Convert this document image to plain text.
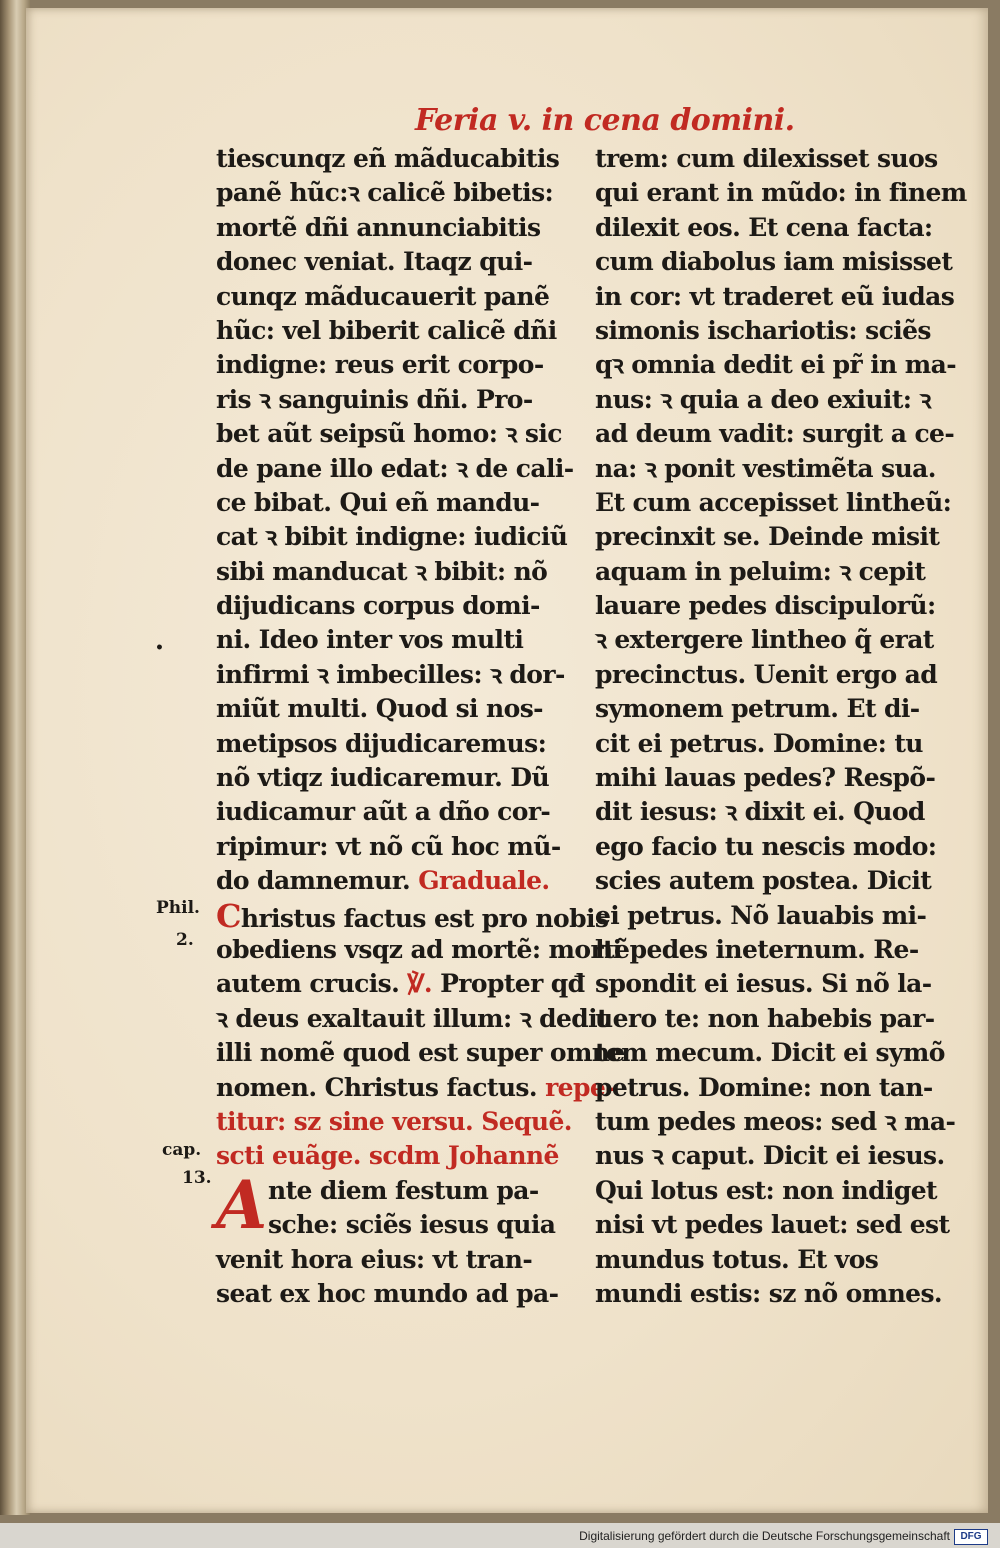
Feria v. in cena domini.
tiescunqz eñ mãducabitis
panẽ hũc:ꝛ calicẽ bibetis:
mortẽ dñi annunciabitis
donec veniat. Itaqz qui-
cunqz mãducauerit panẽ
hũc: vel biberit calicẽ dñi
indigne: reus erit corpo-
ris ꝛ sanguinis dñi. Pro-
bet aũt seipsũ homo: ꝛ sic
de pane illo edat: ꝛ de cali-
ce bibat. Qui eñ mandu-
cat ꝛ bibit indigne: iudiciũ
sibi manducat ꝛ bibit: nõ
dijudicans corpus domi-
ni. Ideo inter vos multi
infirmi ꝛ imbecilles: ꝛ dor-
miũt multi. Quod si nos-
metipsos dijudicaremus:
nõ vtiqz iudicaremur. Dũ
iudicamur aũt a dño cor-
ripimur: vt nõ cũ hoc mũ-
do damnemur. Graduale.
Christus factus est pro nobis
obediens vsqz ad mortẽ: mortẽ
autem crucis. ℣. Propter qđ
ꝛ deus exaltauit illum: ꝛ dedit
illi nomẽ quod est super omne
nomen. Christus factus. repe-
titur: sz sine versu. Sequẽ.
scti euãge. scdm Johannẽ
A nte diem festum pa-
sche: sciẽs iesus quia
venit hora eius: vt tran-
seat ex hoc mundo ad pa-
trem: cum dilexisset suos
qui erant in mũdo: in finem
dilexit eos. Et cena facta:
cum diabolus iam misisset
in cor: vt traderet eũ iudas
simonis ischariotis: sciẽs
qꝛ omnia dedit ei pr̃ in ma-
nus: ꝛ quia a deo exiuit: ꝛ
ad deum vadit: surgit a ce-
na: ꝛ ponit vestimẽta sua.
Et cum accepisset lintheũ:
precinxit se. Deinde misit
aquam in peluim: ꝛ cepit
lauare pedes discipulorũ:
ꝛ extergere lintheo q̃ erat
precinctus. Uenit ergo ad
symonem petrum. Et di-
cit ei petrus. Domine: tu
mihi lauas pedes? Respõ-
dit iesus: ꝛ dixit ei. Quod
ego facio tu nescis modo:
scies autem postea. Dicit
ei petrus. Nõ lauabis mi-
hi pedes ineternum. Re-
spondit ei iesus. Si nõ la-
uero te: non habebis par-
tem mecum. Dicit ei symõ
petrus. Domine: non tan-
tum pedes meos: sed ꝛ ma-
nus ꝛ caput. Dicit ei iesus.
Qui lotus est: non indiget
nisi vt pedes lauet: sed est
mundus totus. Et vos
mundi estis: sz nõ omnes.
Phil.
2.
cap.
13.
•
Digitalisierung gefördert durch die Deutsche Forschungsgemeinschaft	DFG
